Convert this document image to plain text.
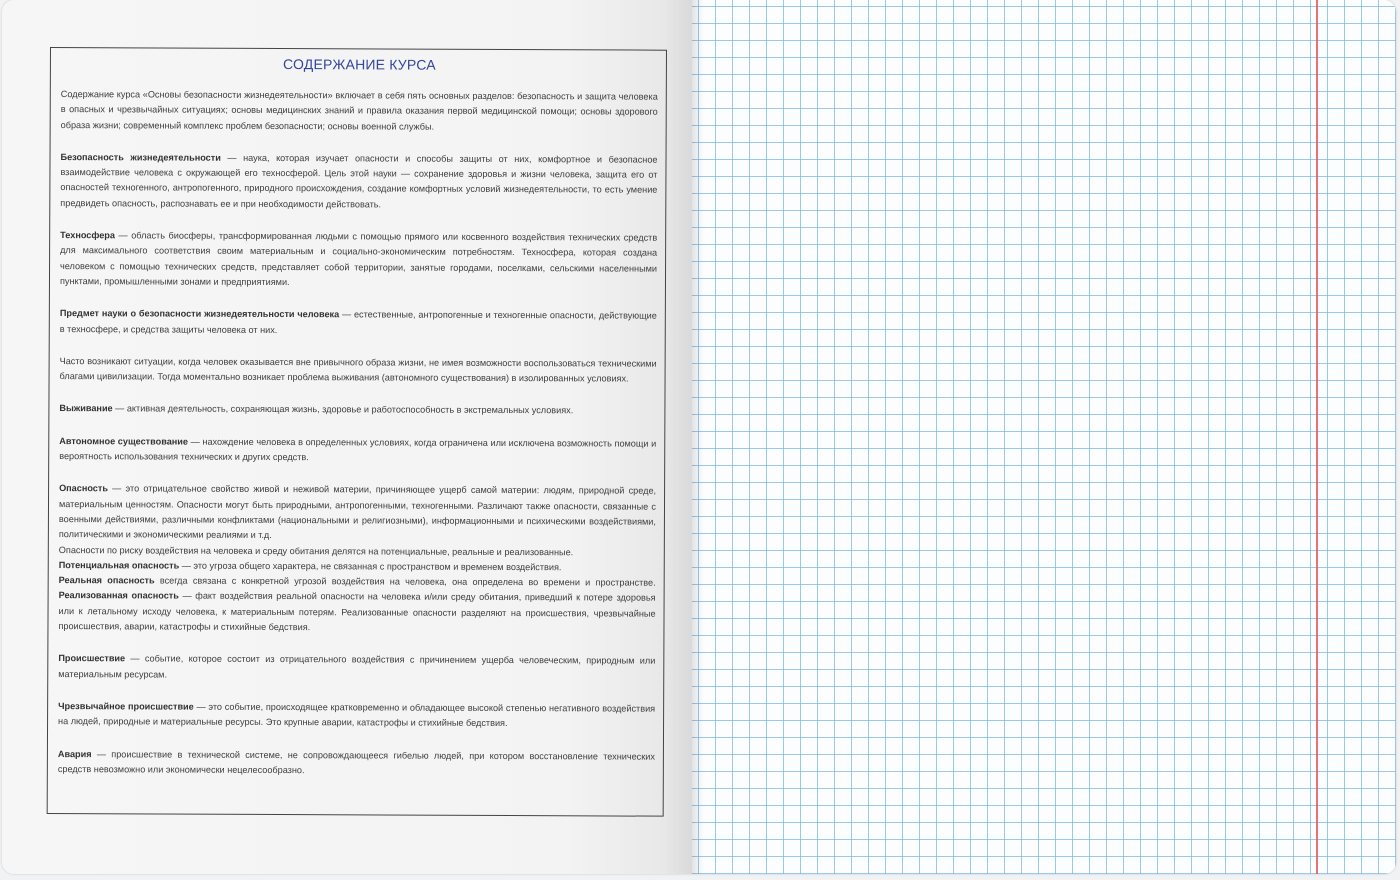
СОДЕРЖАНИЕ КУРСА

Содержание курса «Основы безопасности жизнедеятельности» включает в себя пять основных разделов: безопасность и защита человека в опасных и чрезвычайных ситуациях; основы медицинских знаний и правила оказания первой медицинской помощи; основы здорового образа жизни; современный комплекс проблем безопасности; основы военной службы.

Безопасность жизнедеятельности — наука, которая изучает опасности и способы защиты от них, комфортное и безопасное взаимодействие человека с окружающей его техносферой. Цель этой науки — сохранение здоровья и жизни человека, защита его от опасностей техногенного, антропогенного, природного происхождения, создание комфортных условий жизнедеятельности, то есть умение предвидеть опасность, распознавать ее и при необходимости действовать.

Техносфера — область биосферы, трансформированная людьми с помощью прямого или косвенного воздействия технических средств для максимального соответствия своим материальным и социально-экономическим потребностям. Техносфера, которая создана человеком с помощью технических средств, представляет собой территории, занятые городами, поселками, сельскими населенными пунктами, промышленными зонами и предприятиями.

Предмет науки о безопасности жизнедеятельности человека — естественные, антропогенные и техногенные опасности, действующие в техносфере, и средства защиты человека от них.

Часто возникают ситуации, когда человек оказывается вне привычного образа жизни, не имея возможности воспользоваться техническими благами цивилизации. Тогда моментально возникает проблема выживания (автономного существования) в изолированных условиях.

Выживание — активная деятельность, сохраняющая жизнь, здоровье и работоспособность в экстремальных условиях.

Автономное существование — нахождение человека в определенных условиях, когда ограничена или исключена возможность помощи и вероятность использования технических и других средств.

Опасность — это отрицательное свойство живой и неживой материи, причиняющее ущерб самой материи: людям, природной среде, материальным ценностям. Опасности могут быть природными, антропогенными, техногенными. Различают также опасности, связанные с военными действиями, различными конфликтами (национальными и религиозными), информационными и психическими воздействиями, политическими и экономическими реалиями и т.д.

Опасности по риску воздействия на человека и среду обитания делятся на потенциальные, реальные и реализованные.

Потенциальная опасность — это угроза общего характера, не связанная с пространством и временем воздействия.

Реальная опасность всегда связана с конкретной угрозой воздействия на человека, она определена во времени и пространстве. Реализованная опасность — факт воздействия реальной опасности на человека и/или среду обитания, приведший к потере здоровья или к летальному исходу человека, к материальным потерям. Реализованные опасности разделяют на происшествия, чрезвычайные происшествия, аварии, катастрофы и стихийные бедствия.

Происшествие — событие, которое состоит из отрицательного воздействия с причинением ущерба человеческим, природным или материальным ресурсам.

Чрезвычайное происшествие — это событие, происходящее кратковременно и обладающее высокой степенью негативного воздействия на людей, природные и материальные ресурсы. Это крупные аварии, катастрофы и стихийные бедствия.

Авария — происшествие в технической системе, не сопровождающееся гибелью людей, при котором восстановление технических средств невозможно или экономически нецелесообразно.
